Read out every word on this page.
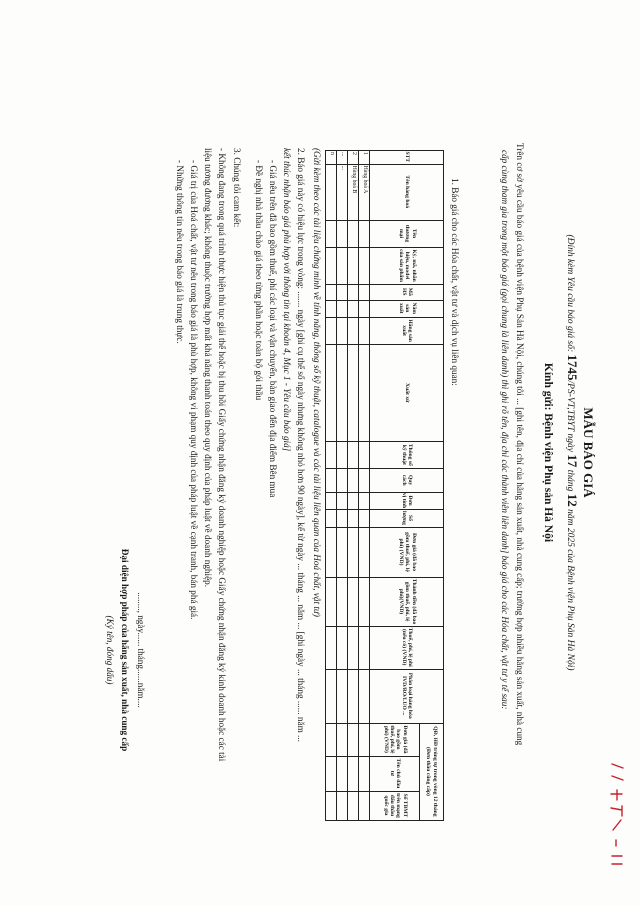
MẪU BÁO GIÁ
(Đính kèm Yêu cầu báo giá số: 1745/PS-VT,TBYT ngày 17 tháng 12 năm 2025 của Bệnh viện Phụ Sản Hà Nội)
Kính gửi: Bệnh viện Phụ sản Hà Nội
Trên cơ sở yêu cầu báo giá của bệnh viện Phụ Sản Hà Nội, chúng tôi ... [ghi tên, địa chỉ của hãng sản xuất, nhà cung cấp; trường hợp nhiều hãng sản xuất, nhà cung
cấp cùng tham gia trong một báo giá (gọi chung là liên danh) thì ghi rõ tên, địa chỉ các thành viên liên danh] báo giá cho các Hóa chất, vật tư y tế sau:
1. Báo giá cho các Hóa chất, vật tư và dịch vụ liên quan:
STT
Tên hàng hoá
Tên thương mại
Ký, mã, nhãn hiệu, model của sản phẩm
Mã HS
Năm sản xuất
Hãng sản xuất
Xuất xứ
Thông số kỹ thuật
Quy cách
Đơn vị tính
Số lượng
Đơn giá (đã bao gồm thuế, phí, lệ phí) (VND)
Thành tiền (đã bao gồm thuế, phí, lệ phí)(VND)
Thuế, phí, lệ phí (nếu có) (VND)
Phân loại hàng hóa IVD/RO/LUO ...
Đơn giá (đã bao gồm thuế, phí, lệ phí) (VND)
Tên chủ đầu tư
Số TBMT trên mạng đấu thầu quốc gia	QĐ, HĐ trúng tự trong vòng 12 tháng (Đơn thầu cũng cấp)
1
Hàng hoá A
2
Hàng hoá B
...
...
n
(Gửi kèm theo các tài liệu chứng minh về tính năng, thông số kỹ thuật, catalogue và các tài liệu liên quan của Hoá chất, vật tư)
2. Báo giá này có hiệu lực trong vòng: ....... ngày [ghi cụ thể số ngày nhưng không nhỏ hơn 90 ngày], kể từ ngày ... tháng ... năm ... [ghi ngày ... tháng ...... năm ...
kết thúc nhận báo giá phù hợp với thông tin tại khoản 4, Mục 1 - Yêu cầu báo giá]
- Giá nêu trên đã bao gồm thuế, phí các loại và vận chuyển, bàn giao đến địa điểm Bên mua
- Đề nghị nhà thầu chào giá theo từng phần hoặc toàn bộ gói thầu
3. Chúng tôi cam kết:
- Không đang trong quá trình thực hiện thủ tục giải thể hoặc bị thu hồi Giấy chứng nhận đăng ký doanh nghiệp hoặc Giấy chứng nhận đăng ký kinh doanh hoặc các tài
liệu tương đương khác; không thuộc trường hợp mất khả năng thanh toán theo quy định của pháp luật về doanh nghiệp.
- Giá trị của Hoá chất, vật tư nêu trong báo giá là phù hợp, không vi phạm quy định của pháp luật về cạnh tranh, bán phá giá.
- Những thông tin nêu trong báo giá là trung thực.
........, ngày...... tháng......năm....
Đại diện hợp pháp của hãng sản xuất, nhà cung cấp
(Ký tên, đóng dấu)
